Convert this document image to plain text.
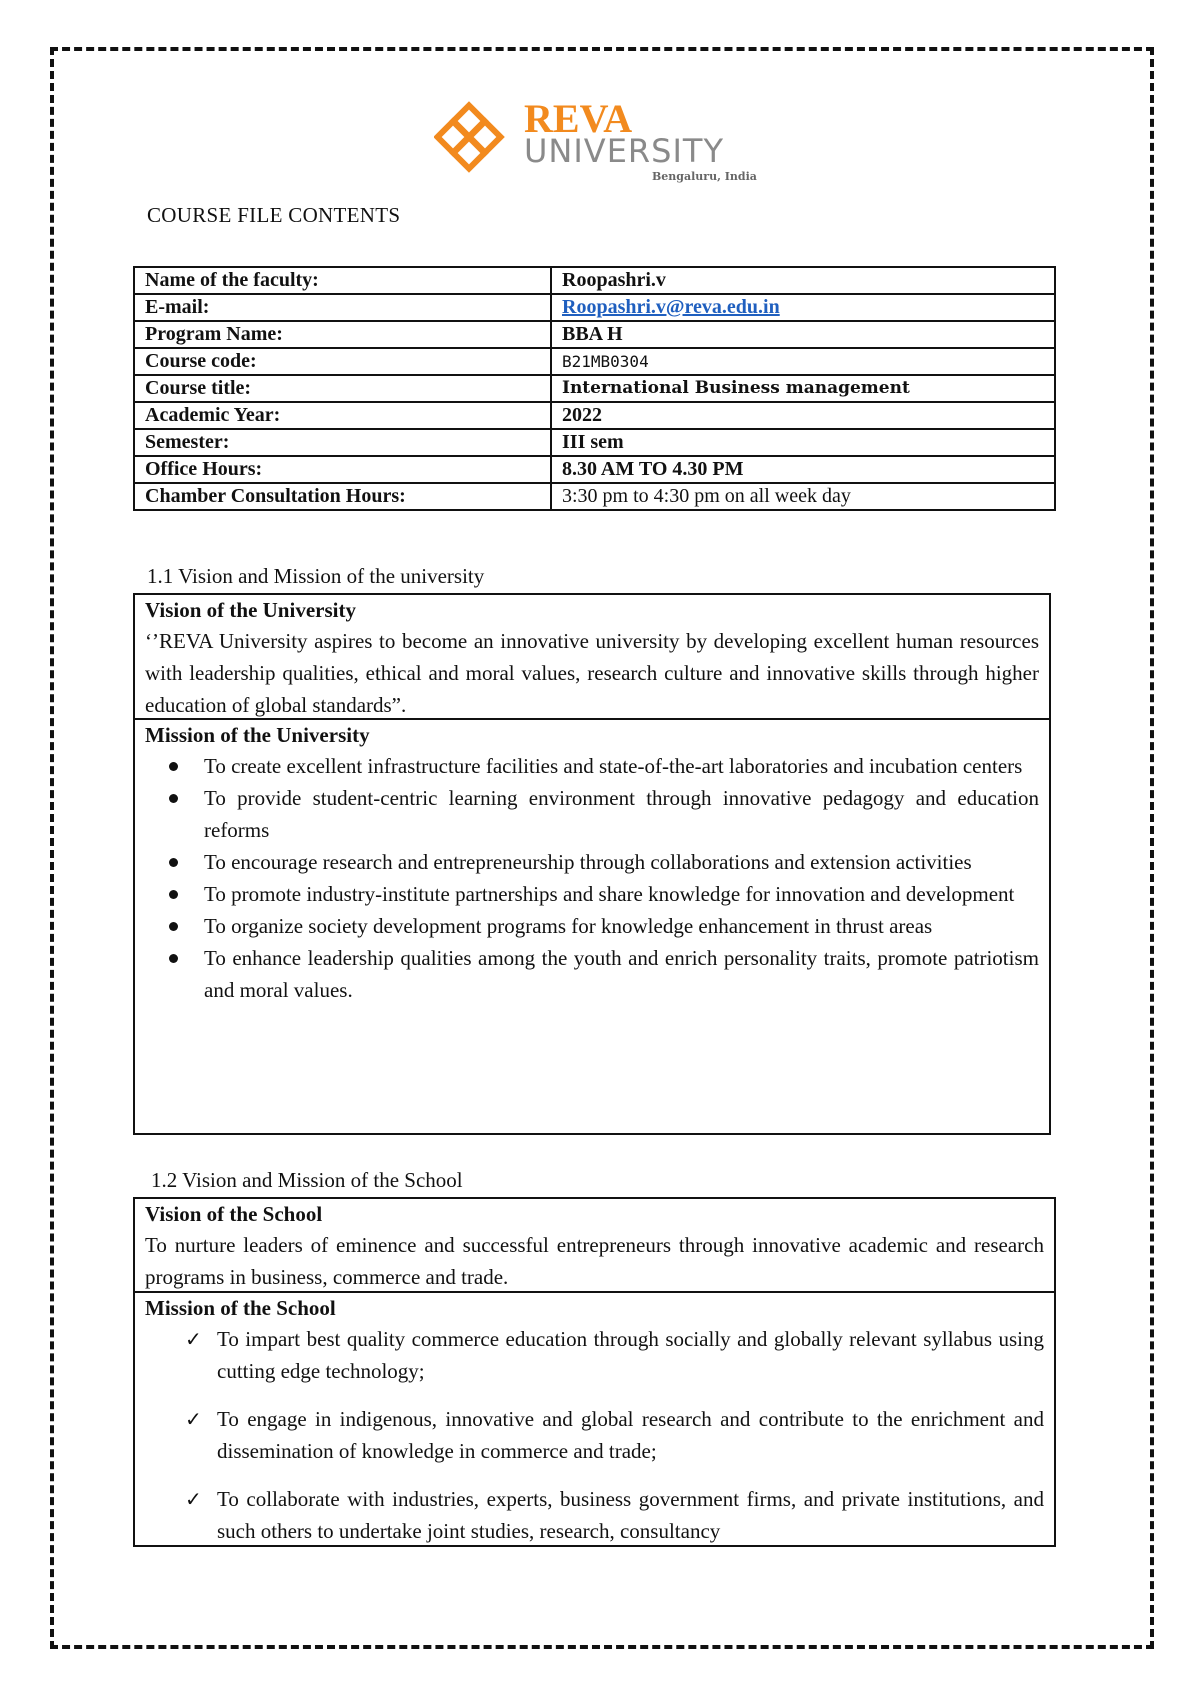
REVA
UNIVERSITY
Bengaluru, India
COURSE FILE CONTENTS
Name of the faculty:	Roopashri.v
E-mail:	Roopashri.v@reva.edu.in
Program Name:	BBA H
Course code:	B21MB0304
Course title:	International Business management
Academic Year:	2022
Semester:	III sem
Office Hours:	8.30 AM TO 4.30 PM
Chamber Consultation Hours:	3:30 pm to 4:30 pm on all week day
1.1 Vision and Mission of the university
Vision of the University

‘’REVA University aspires to become an innovative university by developing excellent human resources with leadership qualities, ethical and moral values, research culture and innovative skills through higher education of global standards”.

Mission of the University
To create excellent infrastructure facilities and state-of-the-art laboratories and incubation centers
To provide student-centric learning environment through innovative pedagogy and education reforms
To encourage research and entrepreneurship through collaborations and extension activities
To promote industry-institute partnerships and share knowledge for innovation and development
To organize society development programs for knowledge enhancement in thrust areas
To enhance leadership qualities among the youth and enrich personality traits, promote patriotism and moral values.
1.2 Vision and Mission of the School
Vision of the School

To nurture leaders of eminence and successful entrepreneurs through innovative academic and research programs in business, commerce and trade.

Mission of the School
✓ To impart best quality commerce education through socially and globally relevant syllabus using cutting edge technology;
✓ To engage in indigenous, innovative and global research and contribute to the enrichment and dissemination of knowledge in commerce and trade;
✓ To collaborate with industries, experts, business government firms, and private institutions, and such others to undertake joint studies, research, consultancy
